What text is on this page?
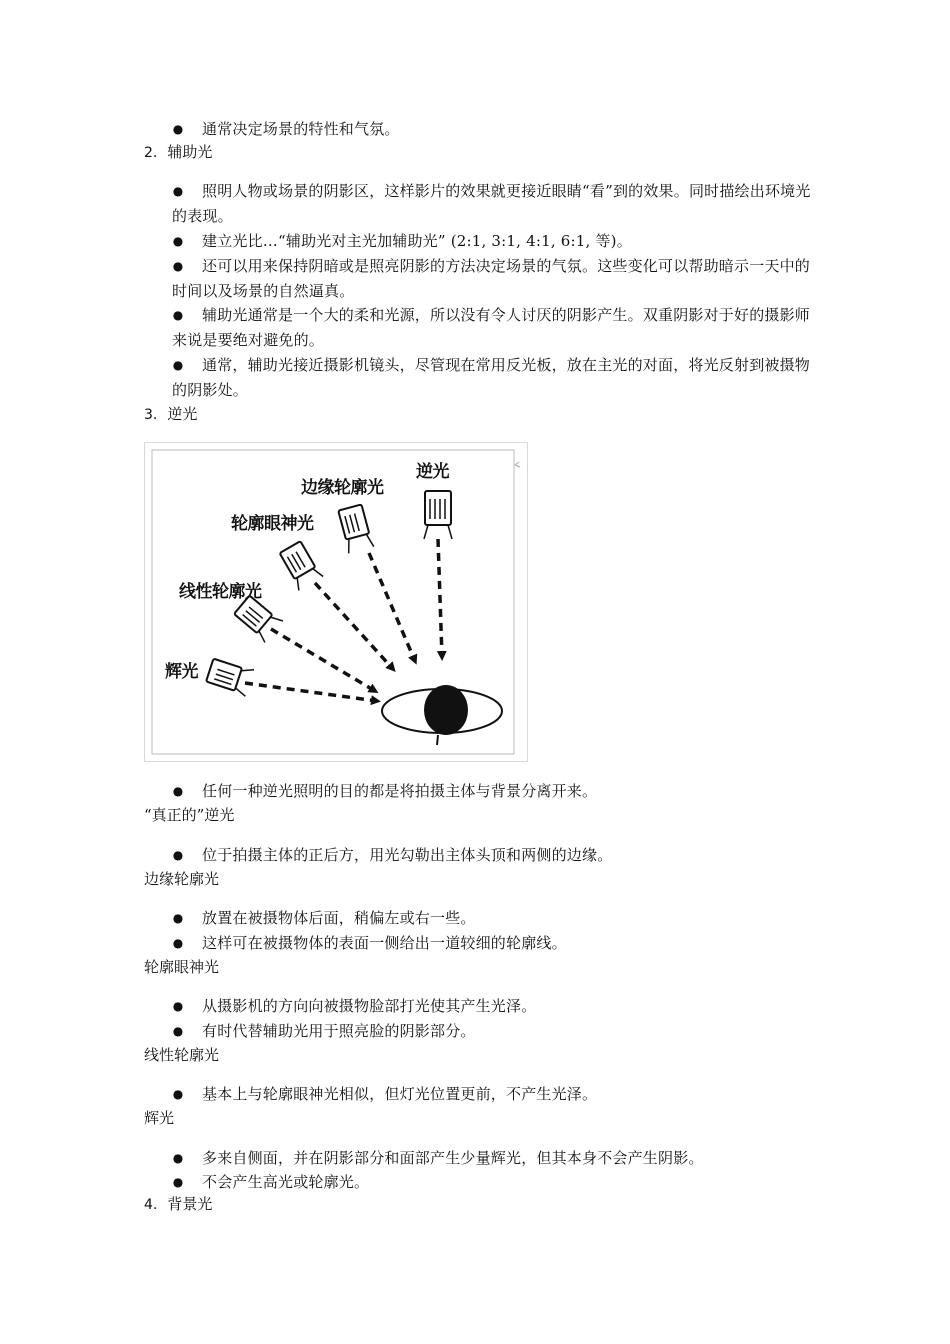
●	通常决定场景的特性和气氛。
2. 辅助光
●	照明人物或场景的阴影区，这样影片的效果就更接近眼睛“看”到的效果。同时描绘出环境光的表现。
●	建立光比…“辅助光对主光加辅助光” (2:1, 3:1, 4:1, 6:1, 等)。
●	还可以用来保持阴暗或是照亮阴影的方法决定场景的气氛。这些变化可以帮助暗示一天中的时间以及场景的自然逼真。
●	辅助光通常是一个大的柔和光源，所以没有令人讨厌的阴影产生。双重阴影对于好的摄影师来说是要绝对避免的。
●	通常，辅助光接近摄影机镜头，尽管现在常用反光板，放在主光的对面，将光反射到被摄物的阴影处。
3. 逆光
逆光
边缘轮廓光
轮廓眼神光
线性轮廓光
辉光
●	任何一种逆光照明的目的都是将拍摄主体与背景分离开来。
“真正的”逆光
●	位于拍摄主体的正后方，用光勾勒出主体头顶和两侧的边缘。
边缘轮廓光
●	放置在被摄物体后面，稍偏左或右一些。
●	这样可在被摄物体的表面一侧给出一道较细的轮廓线。
轮廓眼神光
●	从摄影机的方向向被摄物脸部打光使其产生光泽。
●	有时代替辅助光用于照亮脸的阴影部分。
线性轮廓光
●	基本上与轮廓眼神光相似，但灯光位置更前，不产生光泽。
辉光
●	多来自侧面，并在阴影部分和面部产生少量辉光，但其本身不会产生阴影。
●	不会产生高光或轮廓光。
4. 背景光
